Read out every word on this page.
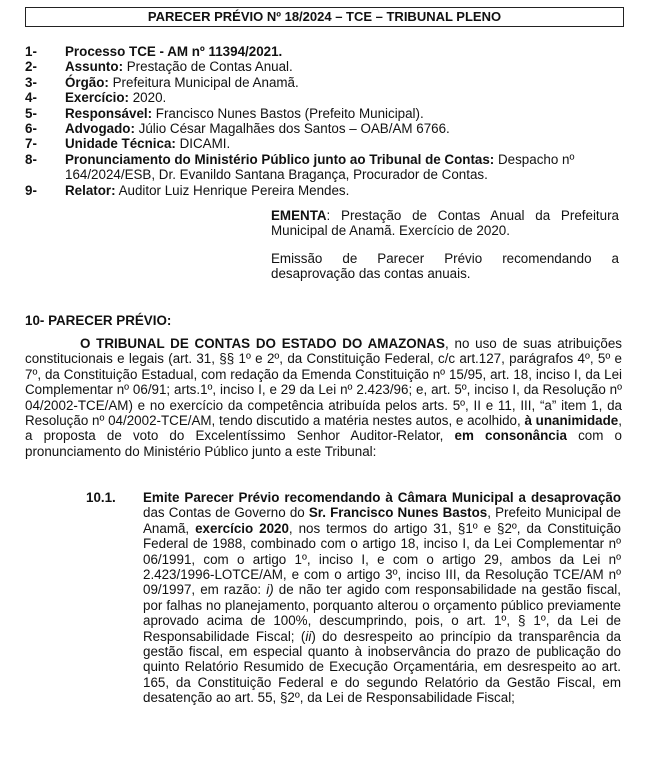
PARECER PRÉVIO Nº 18/2024 – TCE – TRIBUNAL PLENO
1-	Processo TCE - AM nº 11394/2021.
2-	Assunto: Prestação de Contas Anual.
3-	Órgão: Prefeitura Municipal de Anamã.
4-	Exercício: 2020.
5-	Responsável: Francisco Nunes Bastos (Prefeito Municipal).
6-	Advogado: Júlio César Magalhães dos Santos – OAB/AM 6766.
7-	Unidade Técnica: DICAMI.
8-	Pronunciamento do Ministério Público junto ao Tribunal de Contas: Despacho nº 164/2024/ESB, Dr. Evanildo Santana Bragança, Procurador de Contas.
9-	Relator: Auditor Luiz Henrique Pereira Mendes.
EMENTA: Prestação de Contas Anual da Prefeitura Municipal de Anamã. Exercício de 2020.
Emissão de Parecer Prévio recomendando a desaprovação das contas anuais.
10- PARECER PRÉVIO:
O TRIBUNAL DE CONTAS DO ESTADO DO AMAZONAS, no uso de suas atribuições constitucionais e legais (art. 31, §§ 1º e 2º, da Constituição Federal, c/c art.127, parágrafos 4º, 5º e 7º, da Constituição Estadual, com redação da Emenda Constituição nº 15/95, art. 18, inciso I, da Lei Complementar nº 06/91; arts.1º, inciso I, e 29 da Lei nº 2.423/96; e, art. 5º, inciso I, da Resolução nº 04/2002-TCE/AM) e no exercício da competência atribuída pelos arts. 5º, II e 11, III, “a” item 1, da Resolução nº 04/2002-TCE/AM, tendo discutido a matéria nestes autos, e acolhido, à unanimidade, a proposta de voto do Excelentíssimo Senhor Auditor-Relator, em consonância com o pronunciamento do Ministério Público junto a este Tribunal:
10.1. Emite Parecer Prévio recomendando à Câmara Municipal a desaprovação das Contas de Governo do Sr. Francisco Nunes Bastos, Prefeito Municipal de Anamã, exercício 2020, nos termos do artigo 31, §1º e §2º, da Constituição Federal de 1988, combinado com o artigo 18, inciso I, da Lei Complementar nº 06/1991, com o artigo 1º, inciso I, e com o artigo 29, ambos da Lei nº 2.423/1996-LOTCE/AM, e com o artigo 3º, inciso III, da Resolução TCE/AM nº 09/1997, em razão: i) de não ter agido com responsabilidade na gestão fiscal, por falhas no planejamento, porquanto alterou o orçamento público previamente aprovado acima de 100%, descumprindo, pois, o art. 1º, § 1º, da Lei de Responsabilidade Fiscal; (ii) do desrespeito ao princípio da transparência da gestão fiscal, em especial quanto à inobservância do prazo de publicação do quinto Relatório Resumido de Execução Orçamentária, em desrespeito ao art. 165, da Constituição Federal e do segundo Relatório da Gestão Fiscal, em desatenção ao art. 55, §2º, da Lei de Responsabilidade Fiscal;
